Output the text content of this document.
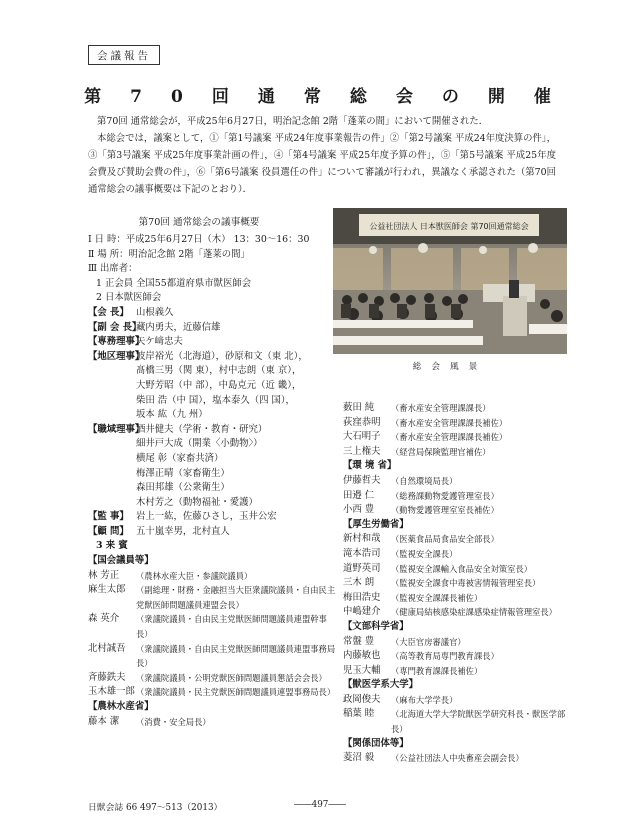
会議報告
第70回通常総会の開催

第70回 通常総会が，平成25年6月27日，明治記念館 2階「蓬莱の間」において開催された．

本総会では，議案として，①「第1号議案 平成24年度事業報告の件」②「第2号議案 平成24年度決算の件」，③「第3号議案 平成25年度事業計画の件」，④「第4号議案 平成25年度予算の件」，⑤「第5号議案 平成25年度会費及び賛助会費の件」，⑥「第6号議案 役員選任の件」について審議が行われ，異議なく承認された（第70回 通常総会の議事概要は下記のとおり）．

第70回 通常総会の議事概要
Ⅰ 日 時： 平成25年6月27日（木） 13：30～16：30
Ⅱ 場 所： 明治記念館 2階「蓬莱の間」
Ⅲ 出席者：
1 正会員 全国55都道府県市獣医師会
2 日本獣医師会
【会 長】 山根義久
【副 会 長】
藏内勇夫，近藤信雄
【専務理事】
矢ケ﨑忠夫
【地区理事】
波岸裕光（北海道），砂原和文（東 北），
髙橋三男（関 東），村中志朗（東 京），
大野芳昭（中 部），中島克元（近 畿），
柴田 浩（中 国），塩本泰久（四 国），
坂本 紘（九 州）
【職域理事】
酒井健夫（学術・教育・研究）
細井戸大成（開業〈小動物〉）
横尾 彰（家畜共済）
梅澤正晴（家畜衛生）
森田邦雄（公衆衛生）
木村芳之（動物福祉・愛護）
【監 事】 岩上一紘，佐藤ひさし，玉井公宏
【顧 問】 五十嵐幸男，北村直人
3 来 賓
【国会議員等】
林 芳正	（農林水産大臣・参議院議員）
麻生太郎	（副総理・財務・金融担当大臣衆議院議員・自由民主党獣医師問題議員連盟会長）
森 英介	（衆議院議員・自由民主党獣医師問題議員連盟幹事長）
北村誠吾	（衆議院議員・自由民主党獣医師問題議員連盟事務局長）
斉藤鉄夫	（衆議院議員・公明党獣医師問題議員懇話会会長）
玉木雄一郎 （衆議院議員・民主党獣医師問題議員連盟事務局長）
【農林水産省】
藤本 潔	（消費・安全局長）
薮田 純	（畜水産安全管理課課長）
荻窪恭明	（畜水産安全管理課課長補佐）
大石明子	（畜水産安全管理課課長補佐）
三上権夫	（経営局保険監理官補佐）
【環 境 省】
伊藤哲夫	（自然環境局長）
田邉 仁	（総務課動物愛護管理室長）
小西 豊	（動物愛護管理室室長補佐）
【厚生労働省】
新村和哉	（医薬食品局食品安全部長）
滝本浩司	（監視安全課長）
道野英司	（監視安全課輸入食品安全対策室長）
三木 朗	（監視安全課食中毒被害情報管理室長）
梅田浩史	（監視安全課課長補佐）
中嶋建介	（健康局結核感染症課感染症情報管理室長）
【文部科学省】
常盤 豊	（大臣官房審議官）
内藤敏也	（高等教育局専門教育課長）
児玉大輔	（専門教育課課長補佐）
【獣医学系大学】
政岡俊夫	（麻布大学学長）
稲葉 睦	（北海道大学大学院獣医学研究科長・獣医学部長）
【関係団体等】
菱沼 毅	（公益社団法人中央畜産会副会長）
公益社団法人 日本獣医師会 第70回通常総会
総会風景
日獣会誌 66 497～513（2013）	――497――
